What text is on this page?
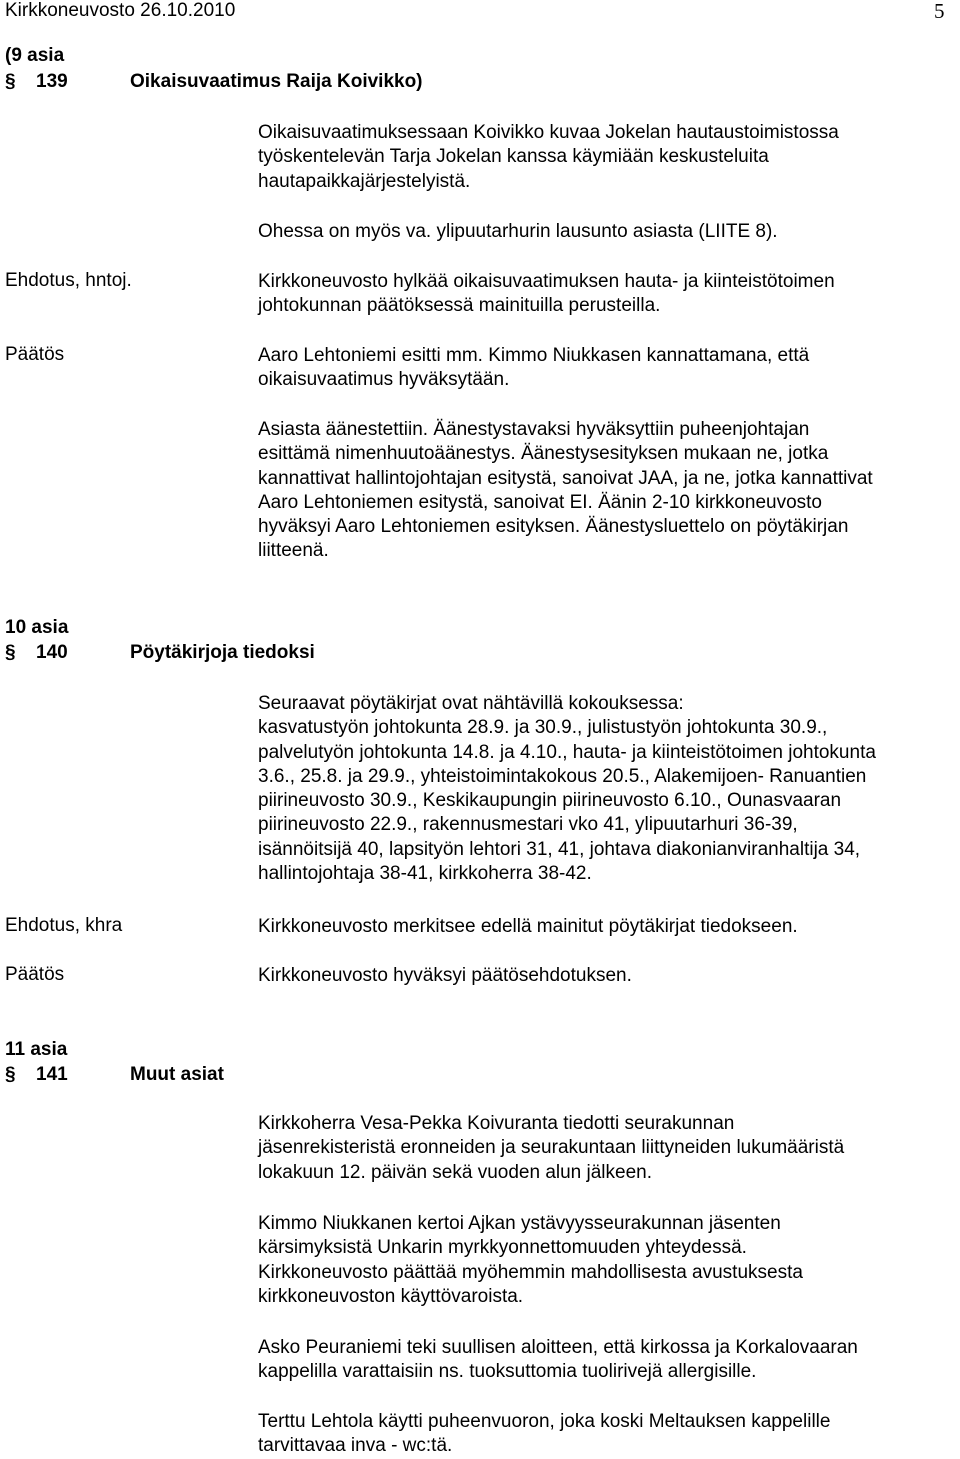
Kirkkoneuvosto 26.10.2010	5
(9 asia
§ 139	Oikaisuvaatimus Raija Koivikko)
Oikaisuvaatimuksessaan Koivikko kuvaa Jokelan hautaustoimistossa
työskentelevän Tarja Jokelan kanssa käymiään keskusteluita
hautapaikkajärjestelyistä.
Ohessa on myös va. ylipuutarhurin lausunto asiasta (LIITE 8).
Ehdotus, hntoj.	Kirkkoneuvosto hylkää oikaisuvaatimuksen hauta- ja kiinteistötoimen
johtokunnan päätöksessä mainituilla perusteilla.
Päätös	Aaro Lehtoniemi esitti mm. Kimmo Niukkasen kannattamana, että
oikaisuvaatimus hyväksytään.
Asiasta äänestettiin. Äänestystavaksi hyväksyttiin puheenjohtajan
esittämä nimenhuutoäänestys. Äänestysesityksen mukaan ne, jotka
kannattivat hallintojohtajan esitystä, sanoivat JAA, ja ne, jotka kannattivat
Aaro Lehtoniemen esitystä, sanoivat EI. Äänin 2-10 kirkkoneuvosto
hyväksyi Aaro Lehtoniemen esityksen. Äänestysluettelo on pöytäkirjan
liitteenä.
10 asia
§ 140	Pöytäkirjoja tiedoksi
Seuraavat pöytäkirjat ovat nähtävillä kokouksessa:
kasvatustyön johtokunta 28.9. ja 30.9., julistustyön johtokunta 30.9.,
palvelutyön johtokunta 14.8. ja 4.10., hauta- ja kiinteistötoimen johtokunta
3.6., 25.8. ja 29.9., yhteistoimintakokous 20.5., Alakemijoen- Ranuantien
piirineuvosto 30.9., Keskikaupungin piirineuvosto 6.10., Ounasvaaran
piirineuvosto 22.9., rakennusmestari vko 41, ylipuutarhuri 36-39,
isännöitsijä 40, lapsityön lehtori 31, 41, johtava diakonianviranhaltija 34,
hallintojohtaja 38-41, kirkkoherra 38-42.
Ehdotus, khra	Kirkkoneuvosto merkitsee edellä mainitut pöytäkirjat tiedokseen.
Päätös	Kirkkoneuvosto hyväksyi päätösehdotuksen.
11 asia
§ 141	Muut asiat
Kirkkoherra Vesa-Pekka Koivuranta tiedotti seurakunnan
jäsenrekisteristä eronneiden ja seurakuntaan liittyneiden lukumääristä
lokakuun 12. päivän sekä vuoden alun jälkeen.
Kimmo Niukkanen kertoi Ajkan ystävyysseurakunnan jäsenten
kärsimyksistä Unkarin myrkkyonnettomuuden yhteydessä.
Kirkkoneuvosto päättää myöhemmin mahdollisesta avustuksesta
kirkkoneuvoston käyttövaroista.
Asko Peuraniemi teki suullisen aloitteen, että kirkossa ja Korkalovaaran
kappelilla varattaisiin ns. tuoksuttomia tuolirivejä allergisille.
Terttu Lehtola käytti puheenvuoron, joka koski Meltauksen kappelille
tarvittavaa inva - wc:tä.
